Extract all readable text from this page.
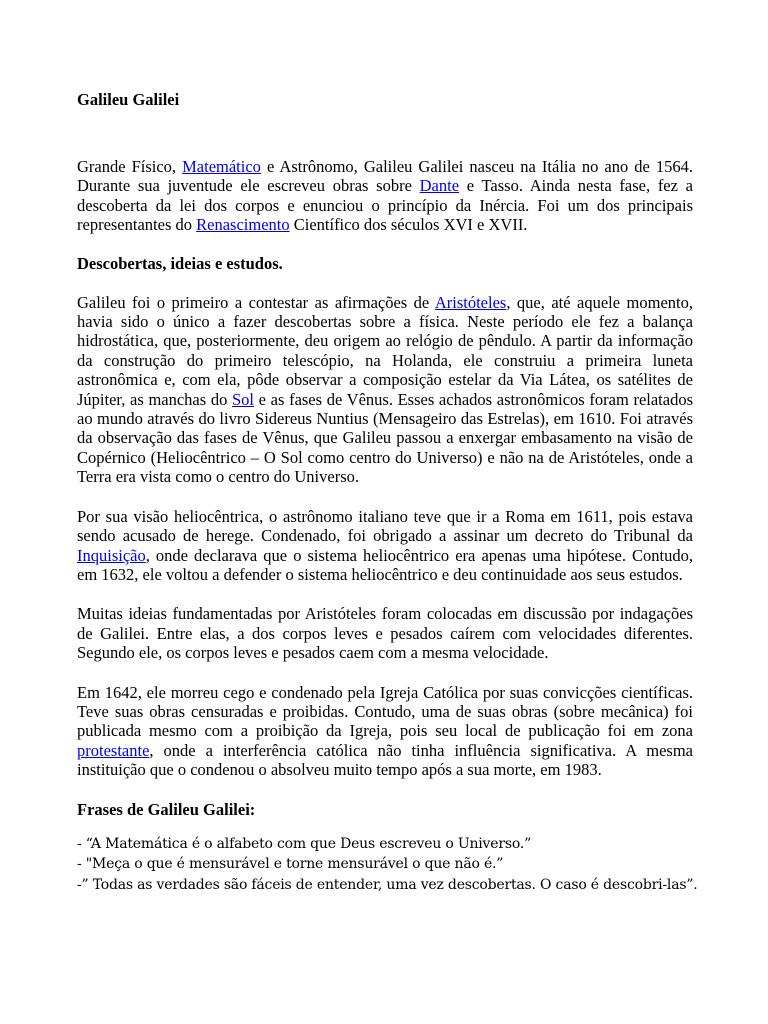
Galileu Galilei

Grande Físico, Matemático e Astrônomo, Galileu Galilei nasceu na Itália no ano de 1564. Durante sua juventude ele escreveu obras sobre Dante e Tasso. Ainda nesta fase, fez a descoberta da lei dos corpos e enunciou o princípio da Inércia. Foi um dos principais representantes do Renascimento Científico dos séculos XVI e XVII.

Descobertas, ideias e estudos.

Galileu foi o primeiro a contestar as afirmações de Aristóteles, que, até aquele momento, havia sido o único a fazer descobertas sobre a física. Neste período ele fez a balança hidrostática, que, posteriormente, deu origem ao relógio de pêndulo. A partir da informação da construção do primeiro telescópio, na Holanda, ele construiu a primeira luneta astronômica e, com ela, pôde observar a composição estelar da Via Látea, os satélites de Júpiter, as manchas do Sol e as fases de Vênus. Esses achados astronômicos foram relatados ao mundo através do livro Sidereus Nuntius (Mensageiro das Estrelas), em 1610. Foi através da observação das fases de Vênus, que Galileu passou a enxergar embasamento na visão de Copérnico (Heliocêntrico – O Sol como centro do Universo) e não na de Aristóteles, onde a Terra era vista como o centro do Universo.

Por sua visão heliocêntrica, o astrônomo italiano teve que ir a Roma em 1611, pois estava sendo acusado de herege. Condenado, foi obrigado a assinar um decreto do Tribunal da Inquisição, onde declarava que o sistema heliocêntrico era apenas uma hipótese. Contudo, em 1632, ele voltou a defender o sistema heliocêntrico e deu continuidade aos seus estudos.

Muitas ideias fundamentadas por Aristóteles foram colocadas em discussão por indagações de Galilei. Entre elas, a dos corpos leves e pesados caírem com velocidades diferentes. Segundo ele, os corpos leves e pesados caem com a mesma velocidade.

Em 1642, ele morreu cego e condenado pela Igreja Católica por suas convicções científicas. Teve suas obras censuradas e proibidas. Contudo, uma de suas obras (sobre mecânica) foi publicada mesmo com a proibição da Igreja, pois seu local de publicação foi em zona protestante, onde a interferência católica não tinha influência significativa. A mesma instituição que o condenou o absolveu muito tempo após a sua morte, em 1983.

Frases de Galileu Galilei:
- “A Matemática é o alfabeto com que Deus escreveu o Universo.”
- "Meça o que é mensurável e torne mensurável o que não é.”
-” Todas as verdades são fáceis de entender, uma vez descobertas. O caso é descobri-las”.
